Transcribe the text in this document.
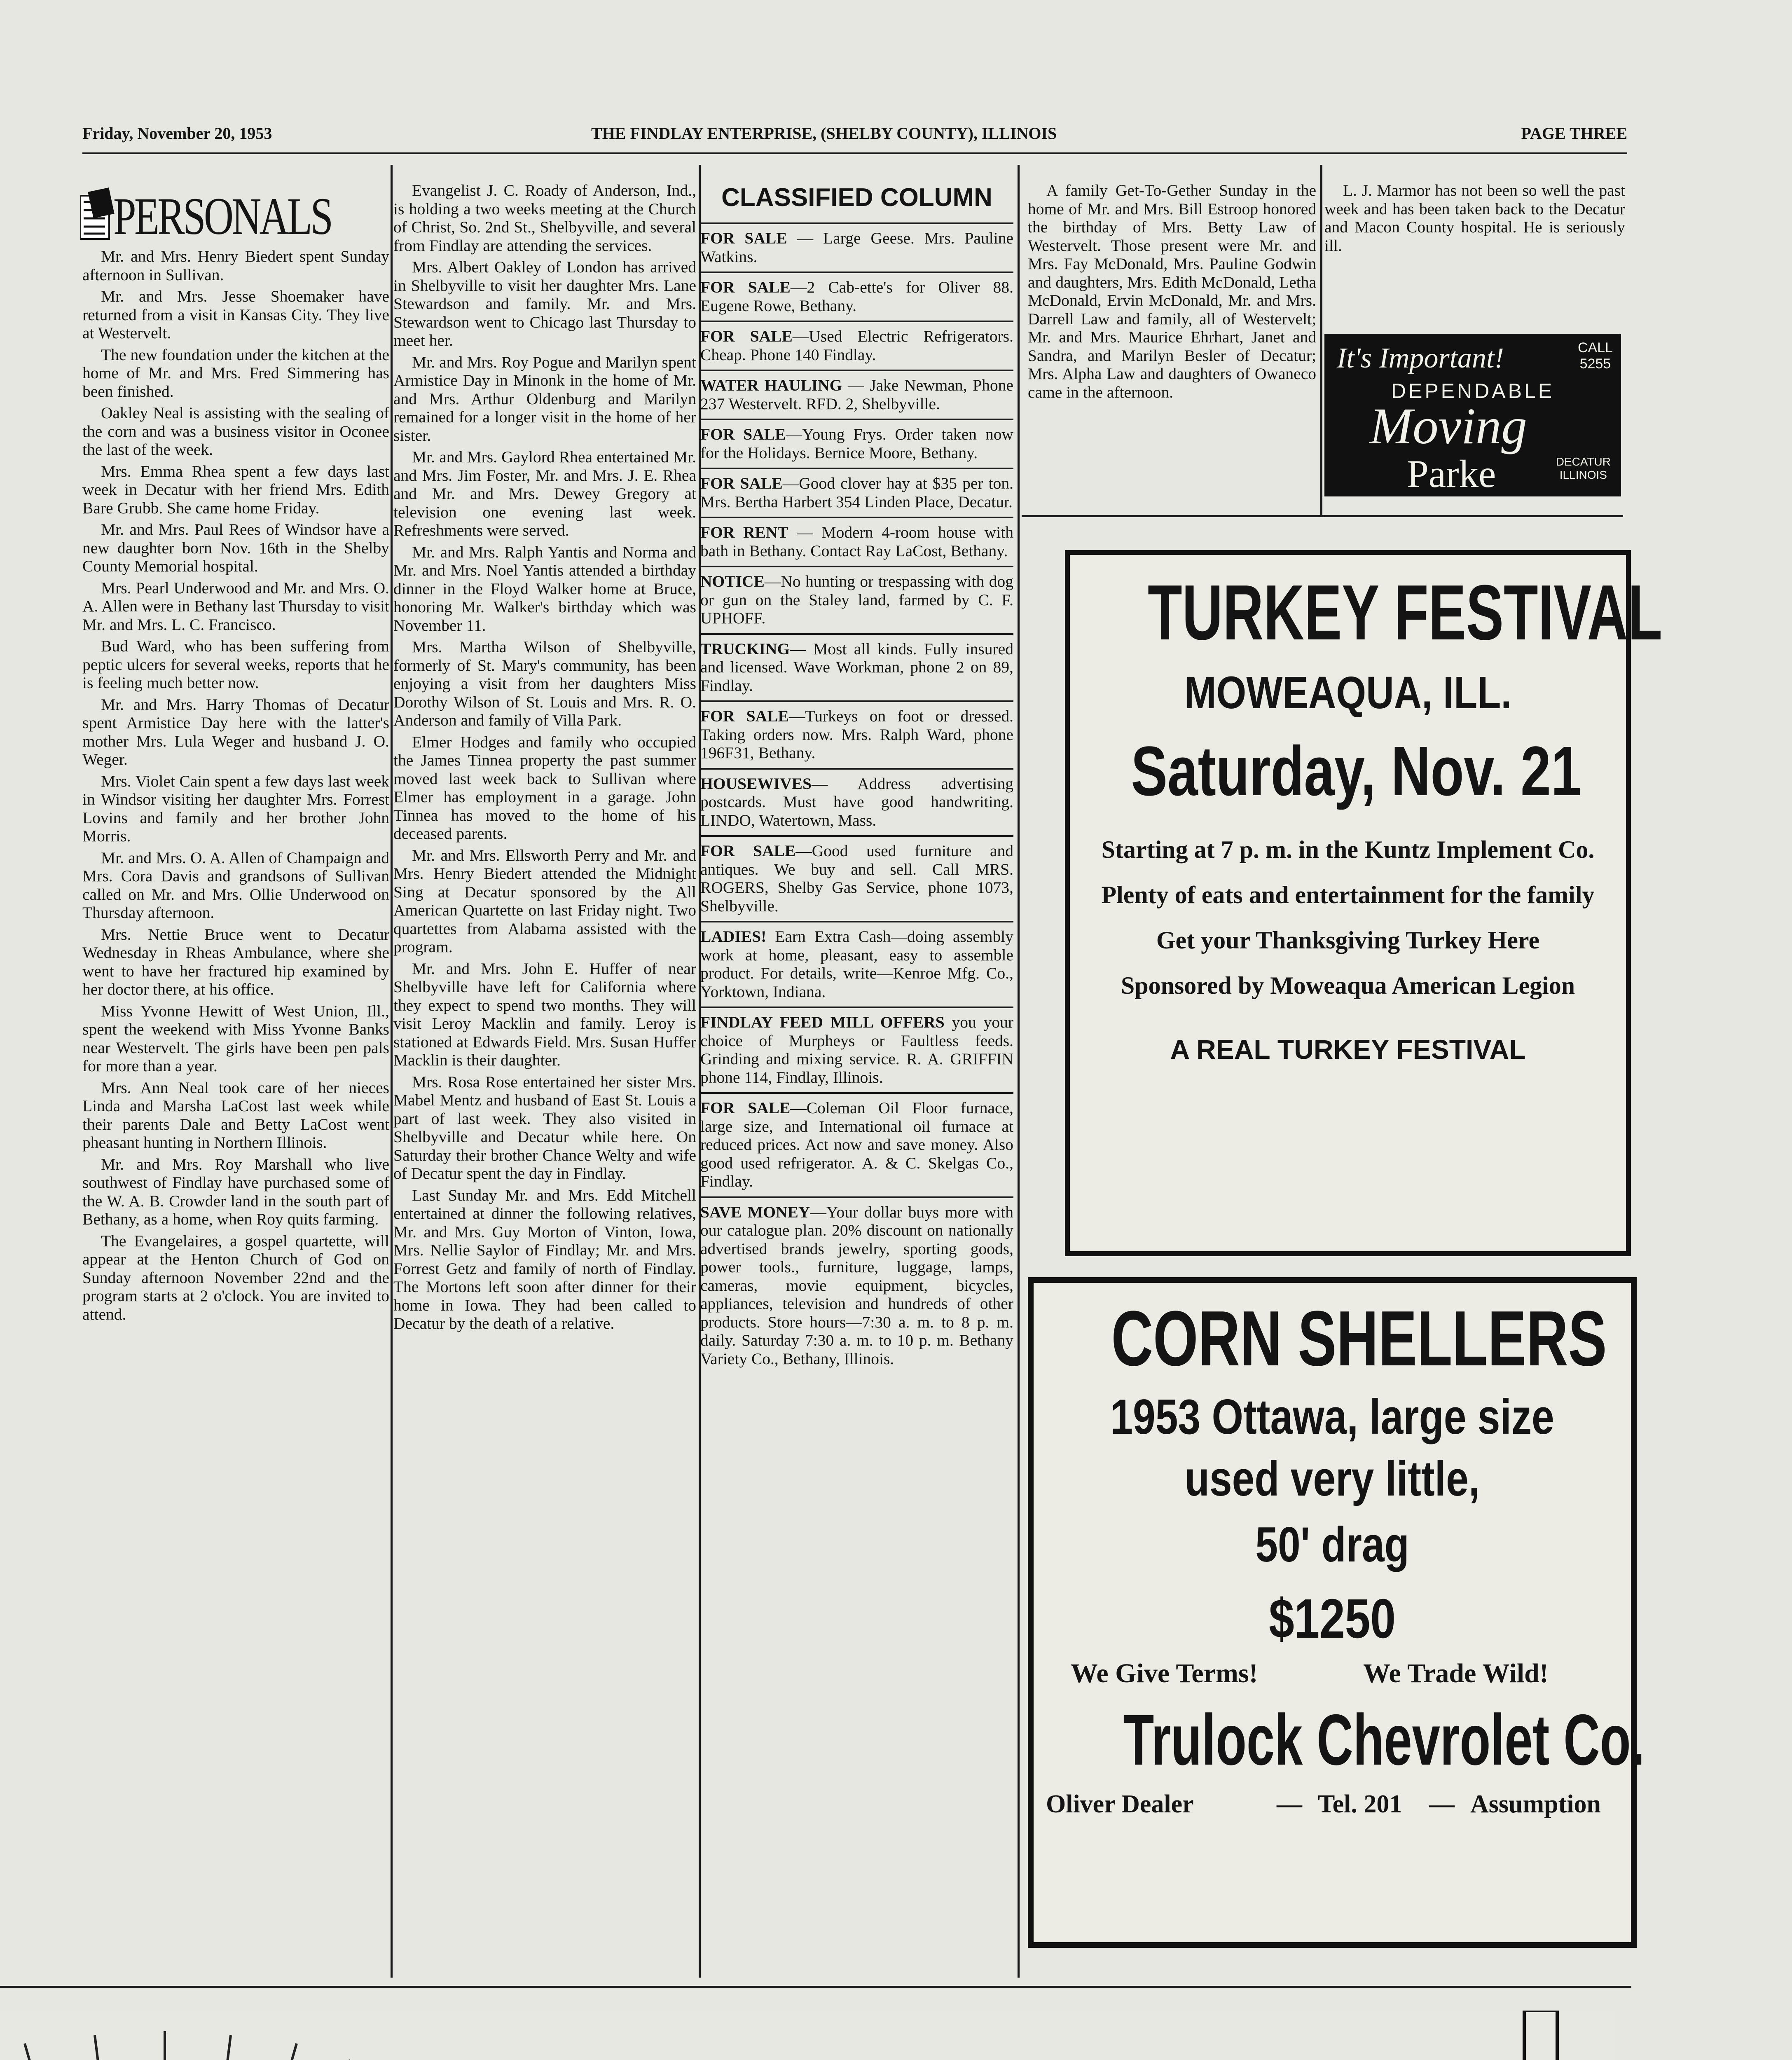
Friday, November 20, 1953	THE FINDLAY ENTERPRISE, (SHELBY COUNTY), ILLINOIS	PAGE THREE
PERSONALS

Mr. and Mrs. Henry Biedert spent Sunday afternoon in Sullivan.

Mr. and Mrs. Jesse Shoemaker have returned from a visit in Kansas City. They live at Westervelt.

The new foundation under the kitchen at the home of Mr. and Mrs. Fred Simmering has been finished.

Oakley Neal is assisting with the sealing of the corn and was a business visitor in Oconee the last of the week.

Mrs. Emma Rhea spent a few days last week in Decatur with her friend Mrs. Edith Bare Grubb. She came home Friday.

Mr. and Mrs. Paul Rees of Windsor have a new daughter born Nov. 16th in the Shelby County Memorial hospital.

Mrs. Pearl Underwood and Mr. and Mrs. O. A. Allen were in Bethany last Thursday to visit Mr. and Mrs. L. C. Francisco.

Bud Ward, who has been suffering from peptic ulcers for several weeks, reports that he is feeling much better now.

Mr. and Mrs. Harry Thomas of Decatur spent Armistice Day here with the latter's mother Mrs. Lula Weger and husband J. O. Weger.

Mrs. Violet Cain spent a few days last week in Windsor visiting her daughter Mrs. Forrest Lovins and family and her brother John Morris.

Mr. and Mrs. O. A. Allen of Champaign and Mrs. Cora Davis and grandsons of Sullivan called on Mr. and Mrs. Ollie Underwood on Thursday afternoon.

Mrs. Nettie Bruce went to Decatur Wednesday in Rheas Ambulance, where she went to have her fractured hip examined by her doctor there, at his office.

Miss Yvonne Hewitt of West Union, Ill., spent the weekend with Miss Yvonne Banks near Westervelt. The girls have been pen pals for more than a year.

Mrs. Ann Neal took care of her nieces Linda and Marsha LaCost last week while their parents Dale and Betty LaCost went pheasant hunting in Northern Illinois.

Mr. and Mrs. Roy Marshall who live southwest of Findlay have purchased some of the W. A. B. Crowder land in the south part of Bethany, as a home, when Roy quits farming.

The Evangelaires, a gospel quartette, will appear at the Henton Church of God on Sunday afternoon November 22nd and the program starts at 2 o'clock. You are invited to attend.

Evangelist J. C. Roady of Anderson, Ind., is holding a two weeks meeting at the Church of Christ, So. 2nd St., Shelbyville, and several from Findlay are attending the services.

Mrs. Albert Oakley of London has arrived in Shelbyville to visit her daughter Mrs. Lane Stewardson and family. Mr. and Mrs. Stewardson went to Chicago last Thursday to meet her.

Mr. and Mrs. Roy Pogue and Marilyn spent Armistice Day in Minonk in the home of Mr. and Mrs. Arthur Oldenburg and Marilyn remained for a longer visit in the home of her sister.

Mr. and Mrs. Gaylord Rhea entertained Mr. and Mrs. Jim Foster, Mr. and Mrs. J. E. Rhea and Mr. and Mrs. Dewey Gregory at television one evening last week. Refreshments were served.

Mr. and Mrs. Ralph Yantis and Norma and Mr. and Mrs. Noel Yantis attended a birthday dinner in the Floyd Walker home at Bruce, honoring Mr. Walker's birthday which was November 11.

Mrs. Martha Wilson of Shelbyville, formerly of St. Mary's community, has been enjoying a visit from her daughters Miss Dorothy Wilson of St. Louis and Mrs. R. O. Anderson and family of Villa Park.

Elmer Hodges and family who occupied the James Tinnea property the past summer moved last week back to Sullivan where Elmer has employment in a garage. John Tinnea has moved to the home of his deceased parents.

Mr. and Mrs. Ellsworth Perry and Mr. and Mrs. Henry Biedert attended the Midnight Sing at Decatur sponsored by the All American Quartette on last Friday night. Two quartettes from Alabama assisted with the program.

Mr. and Mrs. John E. Huffer of near Shelbyville have left for California where they expect to spend two months. They will visit Leroy Macklin and family. Leroy is stationed at Edwards Field. Mrs. Susan Huffer Macklin is their daughter.

Mrs. Rosa Rose entertained her sister Mrs. Mabel Mentz and husband of East St. Louis a part of last week. They also visited in Shelbyville and Decatur while here. On Saturday their brother Chance Welty and wife of Decatur spent the day in Findlay.

Last Sunday Mr. and Mrs. Edd Mitchell entertained at dinner the following relatives, Mr. and Mrs. Guy Morton of Vinton, Iowa, Mrs. Nellie Saylor of Findlay; Mr. and Mrs. Forrest Getz and family of north of Findlay. The Mortons left soon after dinner for their home in Iowa. They had been called to Decatur by the death of a relative.

CLASSIFIED COLUMN
FOR SALE — Large Geese. Mrs. Pauline Watkins.
FOR SALE—2 Cab-ette's for Oliver 88. Eugene Rowe, Bethany.
FOR SALE—Used Electric Refrigerators. Cheap. Phone 140 Findlay.
WATER HAULING — Jake Newman, Phone 237 Westervelt. RFD. 2, Shelbyville.
FOR SALE—Young Frys. Order taken now for the Holidays. Bernice Moore, Bethany.
FOR SALE—Good clover hay at $35 per ton. Mrs. Bertha Harbert 354 Linden Place, Decatur.
FOR RENT — Modern 4-room house with bath in Bethany. Contact Ray LaCost, Bethany.
NOTICE—No hunting or trespassing with dog or gun on the Staley land, farmed by C. F. UPHOFF.
TRUCKING— Most all kinds. Fully insured and licensed. Wave Workman, phone 2 on 89, Findlay.
FOR SALE—Turkeys on foot or dressed. Taking orders now. Mrs. Ralph Ward, phone 196F31, Bethany.
HOUSEWIVES— Address advertising postcards. Must have good handwriting. LINDO, Watertown, Mass.
FOR SALE—Good used furniture and antiques. We buy and sell. Call MRS. ROGERS, Shelby Gas Service, phone 1073, Shelbyville.
LADIES! Earn Extra Cash—doing assembly work at home, pleasant, easy to assemble product. For details, write—Kenroe Mfg. Co., Yorktown, Indiana.
FINDLAY FEED MILL OFFERS you your choice of Murpheys or Faultless feeds. Grinding and mixing service. R. A. GRIFFIN phone 114, Findlay, Illinois.
FOR SALE—Coleman Oil Floor furnace, large size, and International oil furnace at reduced prices. Act now and save money. Also good used refrigerator. A. & C. Skelgas Co., Findlay.
SAVE MONEY—Your dollar buys more with our catalogue plan. 20% discount on nationally advertised brands jewelry, sporting goods, power tools., furniture, luggage, lamps, cameras, movie equipment, bicycles, appliances, television and hundreds of other products. Store hours—7:30 a. m. to 8 p. m. daily. Saturday 7:30 a. m. to 10 p. m. Bethany Variety Co., Bethany, Illinois.

A family Get-To-Gether Sunday in the home of Mr. and Mrs. Bill Estroop honored the birthday of Mrs. Betty Law of Westervelt. Those present were Mr. and Mrs. Fay McDonald, Mrs. Pauline Godwin and daughters, Mrs. Edith McDonald, Letha McDonald, Ervin McDonald, Mr. and Mrs. Darrell Law and family, all of Westervelt; Mr. and Mrs. Maurice Ehrhart, Janet and Sandra, and Marilyn Besler of Decatur; Mrs. Alpha Law and daughters of Owaneco came in the afternoon.

L. J. Marmor has not been so well the past week and has been taken back to the Decatur and Macon County hospital. He is seriously ill.

It's Important!	CALL
5255
DEPENDABLE
Moving
Parke	DECATUR
ILLINOIS
TURKEY FESTIVAL
MOWEAQUA, ILL.
Saturday, Nov. 21
Starting at 7 p. m. in the Kuntz Implement Co.
Plenty of eats and entertainment for the family
Get your Thanksgiving Turkey Here
Sponsored by Moweaqua American Legion
A REAL TURKEY FESTIVAL
CORN SHELLERS
1953 Ottawa, large size
used very little,
50' drag
$1250
We Give Terms!	We Trade Wild!
Trulock Chevrolet Co.
Oliver Dealer	— Tel. 201 — Assumption
